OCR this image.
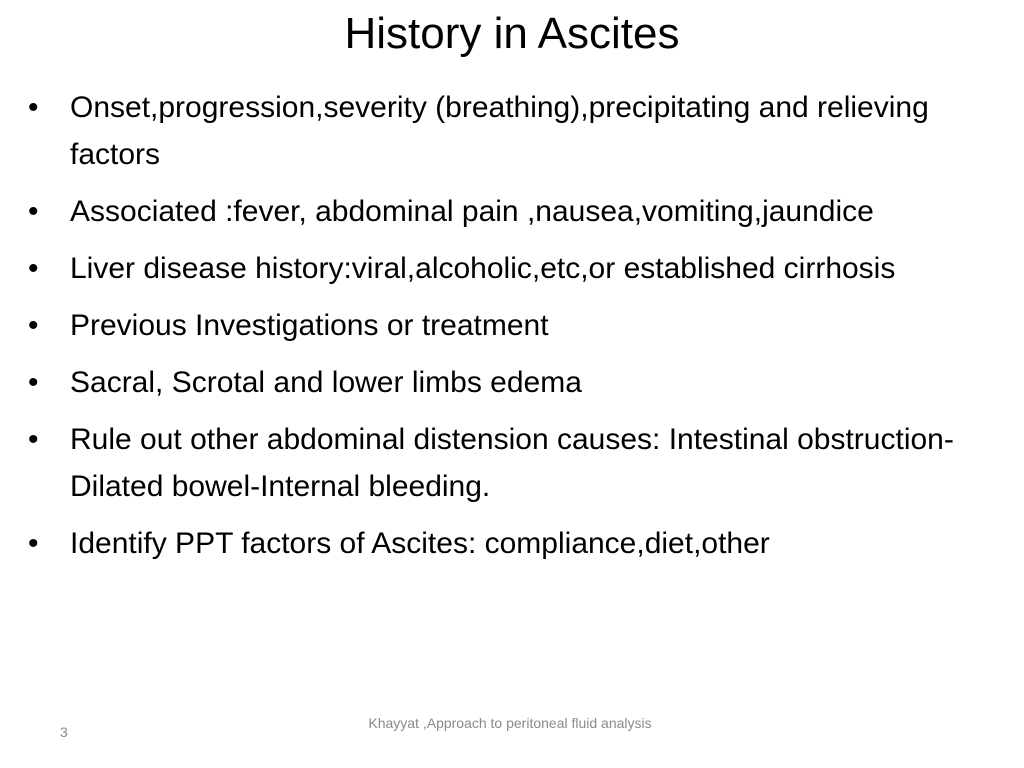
History in Ascites
•	Onset,progression,severity (breathing),precipitating and relieving factors
•	Associated :fever, abdominal pain ,nausea,vomiting,jaundice
•	Liver disease history:viral,alcoholic,etc,or established cirrhosis
•	Previous Investigations or treatment
•	Sacral, Scrotal and lower limbs edema
•	Rule out other abdominal distension causes: Intestinal obstruction-Dilated bowel-Internal bleeding.
•	Identify PPT factors of Ascites: compliance,diet,other
3
Khayyat ,Approach to peritoneal fluid analysis
